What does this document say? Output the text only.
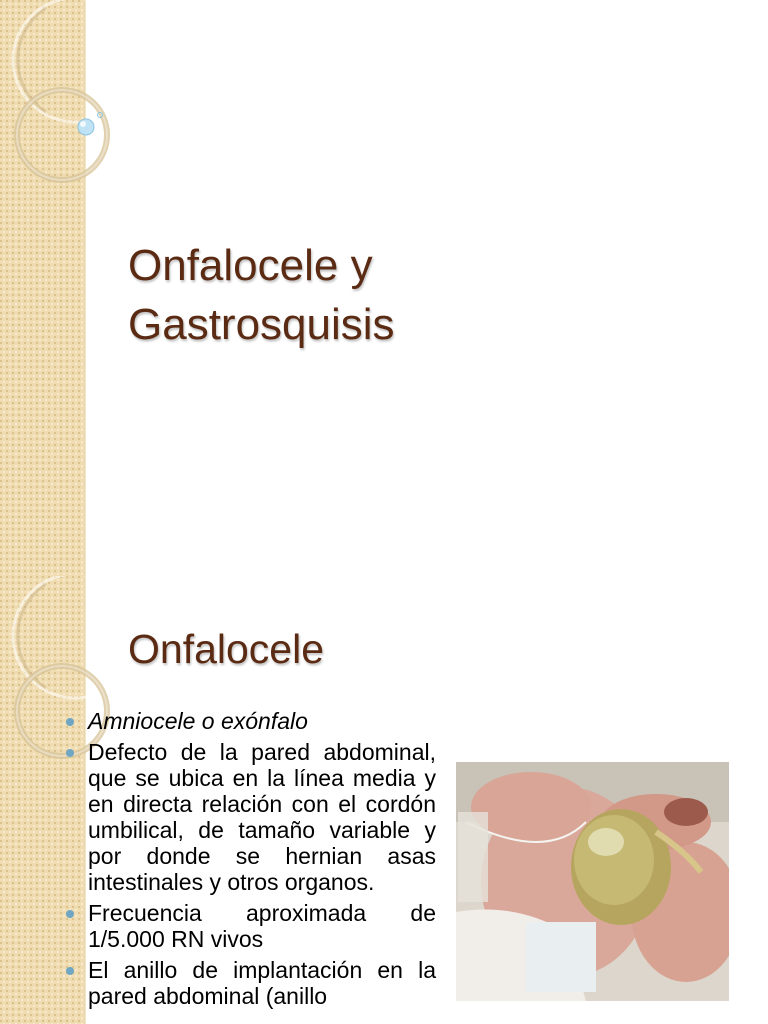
Onfalocele y
Gastrosquisis
Onfalocele
Amniocele o exónfalo
Defecto de la pared abdominal, que se ubica en la línea media y en directa relación con el cordón umbilical, de tamaño variable y por donde se hernian asas intestinales y otros organos.
Frecuencia aproximada de 1/5.000 RN vivos
El anillo de implantación en la pared abdominal (anillo
